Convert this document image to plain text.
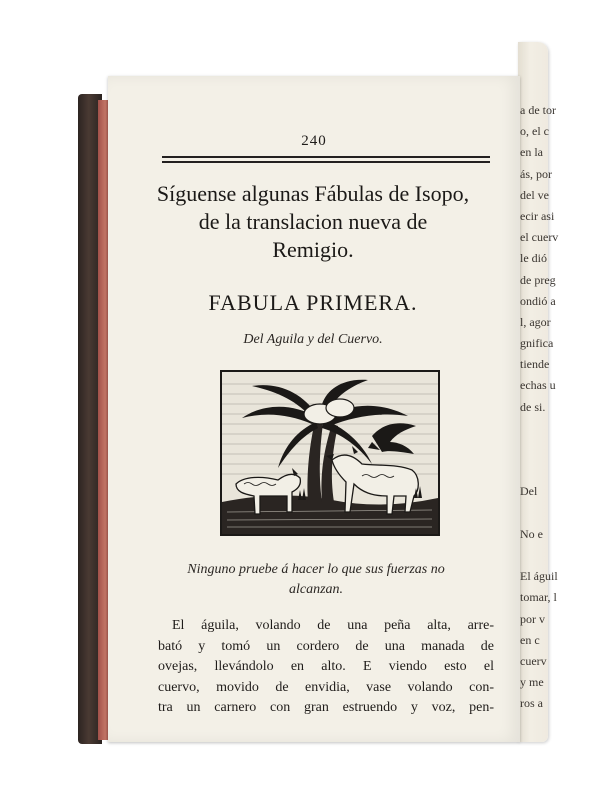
a de tor
o, el c
en la
ás, por
del ve
ecir asi
el cuerv
le dió
de preg
ondió a
l, agor
gnifica
tiende
echas u
de si.
Del
No e
El águil
tomar, l
por v
en c
cuerv
y me
ros a
240
Síguense algunas Fábulas de Isopo,
de la translacion nueva de
Remigio.
FABULA PRIMERA.
Del Aguila y del Cuervo.
Ninguno pruebe á hacer lo que sus fuerzas no
alcanzan.
El águila, volando de una peña alta, arre-
bató y tomó un cordero de una manada de
ovejas, llevándolo en alto. E viendo esto el
cuervo, movido de envidia, vase volando con-
tra un carnero con gran estruendo y voz, pen-
